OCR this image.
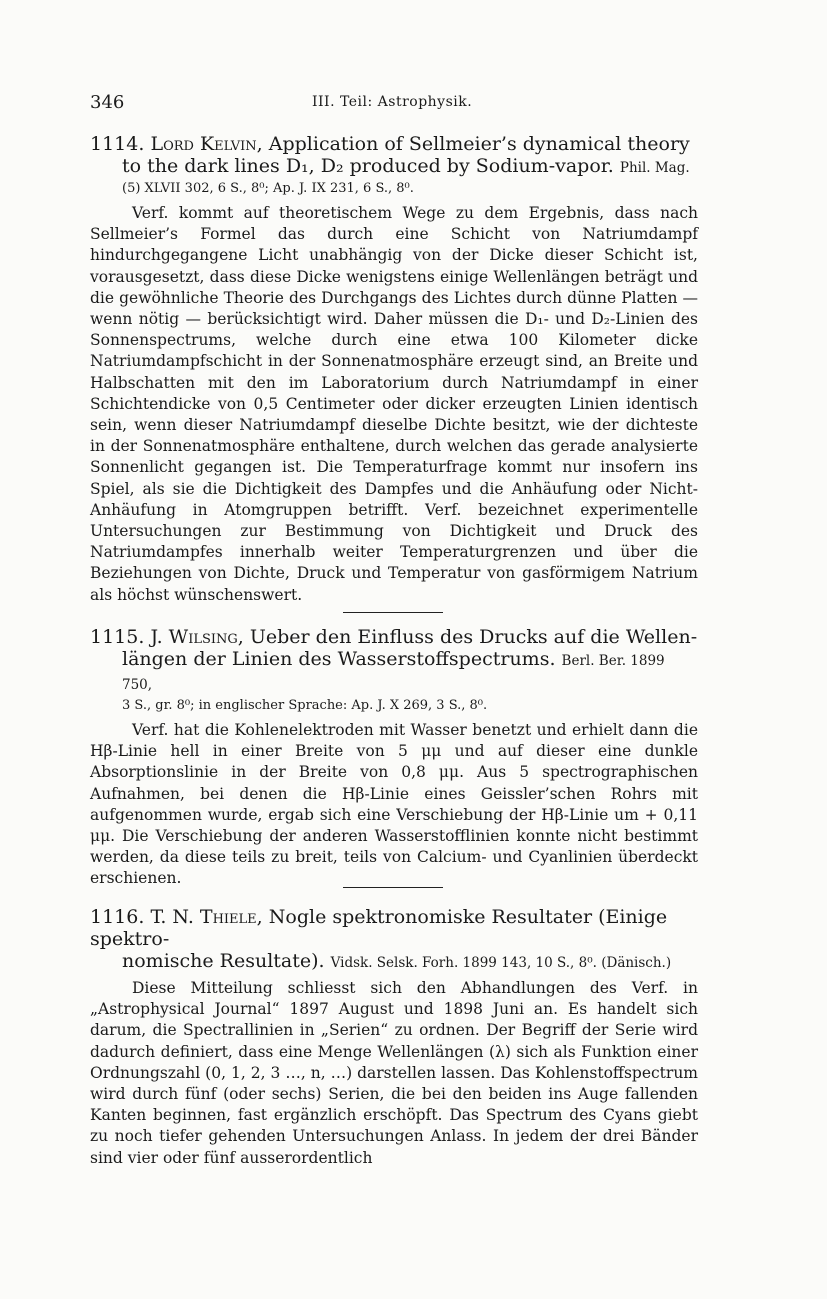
346	III. Teil: Astrophysik.

1114. Lord Kelvin, Application of Sellmeier’s dynamical theory
to the dark lines D₁, D₂ produced by Sodium-vapor. Phil. Mag.

(5) XLVII 302, 6 S., 8⁰; Ap. J. IX 231, 6 S., 8⁰.

Verf. kommt auf theoretischem Wege zu dem Ergebnis, dass nach Sellmeier’s Formel das durch eine Schicht von Natriumdampf hindurchgegangene Licht unabhängig von der Dicke dieser Schicht ist, vorausgesetzt, dass diese Dicke wenigstens einige Wellenlängen beträgt und die gewöhnliche Theorie des Durchgangs des Lichtes durch dünne Platten — wenn nötig — berücksichtigt wird. Daher müssen die D₁- und D₂-Linien des Sonnenspectrums, welche durch eine etwa 100 Kilometer dicke Natriumdampfschicht in der Sonnenatmosphäre erzeugt sind, an Breite und Halbschatten mit den im Laboratorium durch Natriumdampf in einer Schichtendicke von 0,5 Centimeter oder dicker erzeugten Linien identisch sein, wenn dieser Natriumdampf dieselbe Dichte besitzt, wie der dichteste in der Sonnenatmosphäre enthaltene, durch welchen das gerade analysierte Sonnenlicht gegangen ist. Die Temperaturfrage kommt nur insofern ins Spiel, als sie die Dichtigkeit des Dampfes und die Anhäufung oder Nicht-Anhäufung in Atomgruppen betrifft. Verf. bezeichnet experimentelle Untersuchungen zur Bestimmung von Dichtigkeit und Druck des Natriumdampfes innerhalb weiter Temperaturgrenzen und über die Beziehungen von Dichte, Druck und Temperatur von gasförmigem Natrium als höchst wünschenswert.

1115. J. Wilsing, Ueber den Einfluss des Drucks auf die Wellen-
längen der Linien des Wasserstoffspectrums. Berl. Ber. 1899 750,

3 S., gr. 8⁰; in englischer Sprache: Ap. J. X 269, 3 S., 8⁰.

Verf. hat die Kohlenelektroden mit Wasser benetzt und erhielt dann die Hβ-Linie hell in einer Breite von 5 μμ und auf dieser eine dunkle Absorptionslinie in der Breite von 0,8 μμ. Aus 5 spectrographischen Aufnahmen, bei denen die Hβ-Linie eines Geissler’schen Rohrs mit aufgenommen wurde, ergab sich eine Verschiebung der Hβ-Linie um + 0,11 μμ. Die Verschiebung der anderen Wasserstofflinien konnte nicht bestimmt werden, da diese teils zu breit, teils von Calcium- und Cyanlinien überdeckt erschienen.

1116. T. N. Thiele, Nogle spektronomiske Resultater (Einige spektro-
nomische Resultate). Vidsk. Selsk. Forh. 1899 143, 10 S., 8⁰. (Dänisch.)

Diese Mitteilung schliesst sich den Abhandlungen des Verf. in „Astrophysical Journal“ 1897 August und 1898 Juni an. Es handelt sich darum, die Spectrallinien in „Serien“ zu ordnen. Der Begriff der Serie wird dadurch definiert, dass eine Menge Wellenlängen (λ) sich als Funktion einer Ordnungszahl (0, 1, 2, 3 …, n, …) darstellen lassen. Das Kohlenstoffspectrum wird durch fünf (oder sechs) Serien, die bei den beiden ins Auge fallenden Kanten beginnen, fast ergänzlich erschöpft. Das Spectrum des Cyans giebt zu noch tiefer gehenden Untersuchungen Anlass. In jedem der drei Bänder sind vier oder fünf ausserordentlich
